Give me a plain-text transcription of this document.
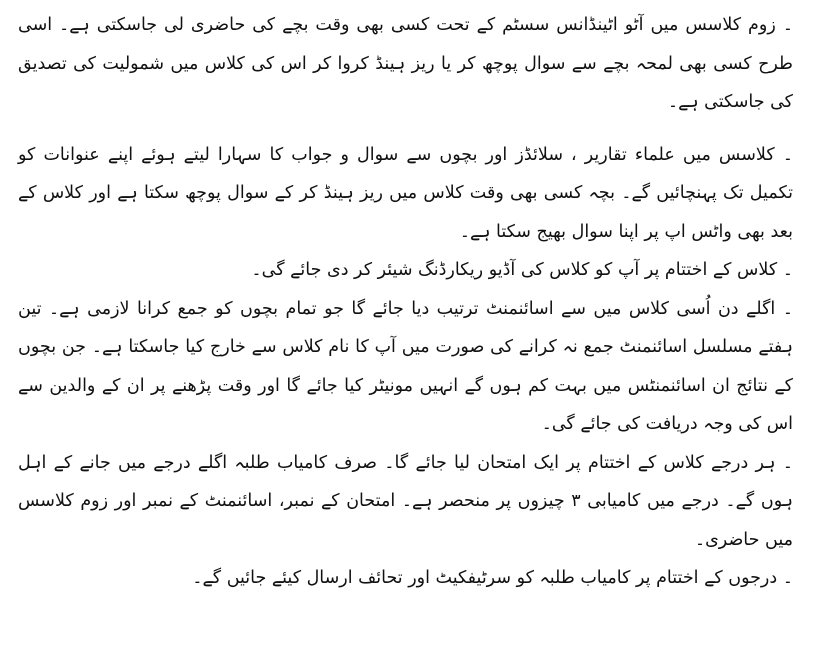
۔ زوم کلاسس میں آٹو اٹینڈانس سسٹم کے تحت کسی بھی وقت بچے کی حاضری لی جاسکتی ہے۔ اسی طرح کسی بھی لمحہ بچے سے سوال پوچھ کر یا ریز ہینڈ کروا کر اس کی کلاس میں شمولیت کی تصدیق کی جاسکتی ہے۔

۔ کلاسس میں علماء تقاریر ، سلائڈز اور بچوں سے سوال و جواب کا سہارا لیتے ہوئے اپنے عنوانات کو تکمیل تک پہنچائیں گے۔ بچہ کسی بھی وقت کلاس میں ریز ہینڈ کر کے سوال پوچھ سکتا ہے اور کلاس کے بعد بھی واٹس اپ پر اپنا سوال بھیج سکتا ہے۔

۔ کلاس کے اختتام پر آپ کو کلاس کی آڈیو ریکارڈنگ شیئر کر دی جائے گی۔

۔ اگلے دن اُسی کلاس میں سے اسائنمنٹ ترتیب دیا جائے گا جو تمام بچوں کو جمع کرانا لازمی ہے۔ تین ہفتے مسلسل اسائنمنٹ جمع نہ کرانے کی صورت میں آپ کا نام کلاس سے خارج کیا جاسکتا ہے۔ جن بچوں کے نتائج ان اسائنمنٹس میں بہت کم ہوں گے انہیں مونیٹر کیا جائے گا اور وقت پڑھنے پر ان کے والدین سے اس کی وجہ دریافت کی جائے گی۔

۔ ہر درجے کلاس کے اختتام پر ایک امتحان لیا جائے گا۔ صرف کامیاب طلبہ اگلے درجے میں جانے کے اہل ہوں گے۔ درجے میں کامیابی ۳ چیزوں پر منحصر ہے۔ امتحان کے نمبر، اسائنمنٹ کے نمبر اور زوم کلاسس میں حاضری۔

۔ درجوں کے اختتام پر کامیاب طلبہ کو سرٹیفکیٹ اور تحائف ارسال کیئے جائیں گے۔
